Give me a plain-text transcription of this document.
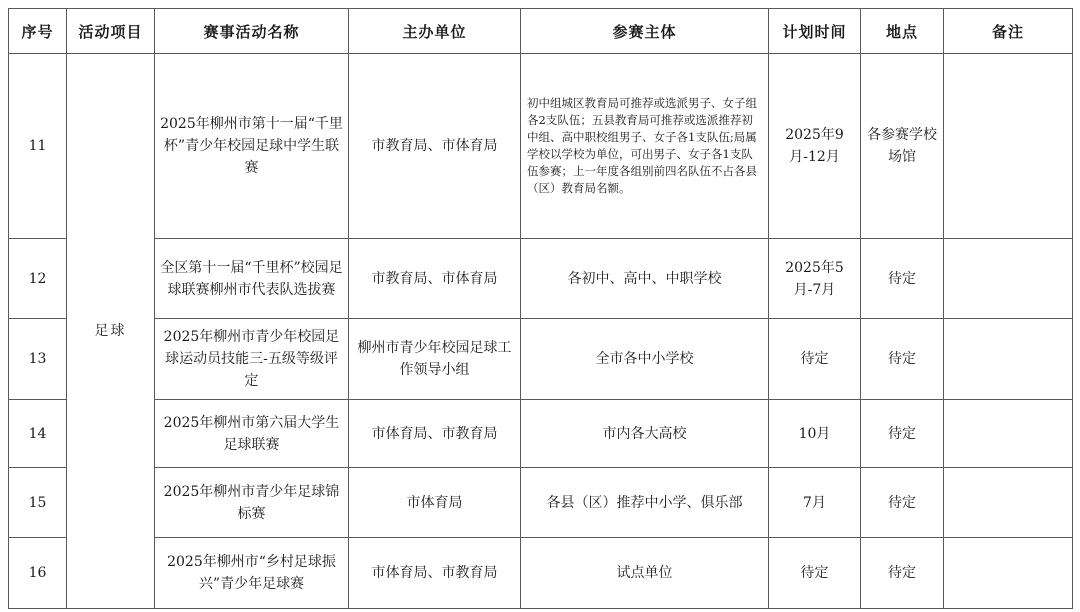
序号	活动项目	赛事活动名称	主办单位	参赛主体	计划时间	地点	备注
11	足球	2025年柳州市第十一届“千里杯”青少年校园足球中学生联赛	市教育局、市体育局	初中组城区教育局可推荐或选派男子、女子组各2支队伍；五县教育局可推荐或选派推荐初中组、高中职校组男子、女子各1支队伍;局属学校以学校为单位，可出男子、女子各1支队伍参赛；上一年度各组别前四名队伍不占各县（区）教育局名额。	2025年9月-12月	各参赛学校场馆	
12		全区第十一届“千里杯”校园足球联赛柳州市代表队选拔赛	市教育局、市体育局	各初中、高中、中职学校	2025年5月-7月	待定	
13		2025年柳州市青少年校园足球运动员技能三-五级等级评定	柳州市青少年校园足球工作领导小组	全市各中小学校	待定	待定	
14		2025年柳州市第六届大学生足球联赛	市体育局、市教育局	市内各大高校	10月	待定	
15		2025年柳州市青少年足球锦标赛	市体育局	各县（区）推荐中小学、俱乐部	7月	待定	
16		2025年柳州市“乡村足球振兴”青少年足球赛	市体育局、市教育局	试点单位	待定	待定	
